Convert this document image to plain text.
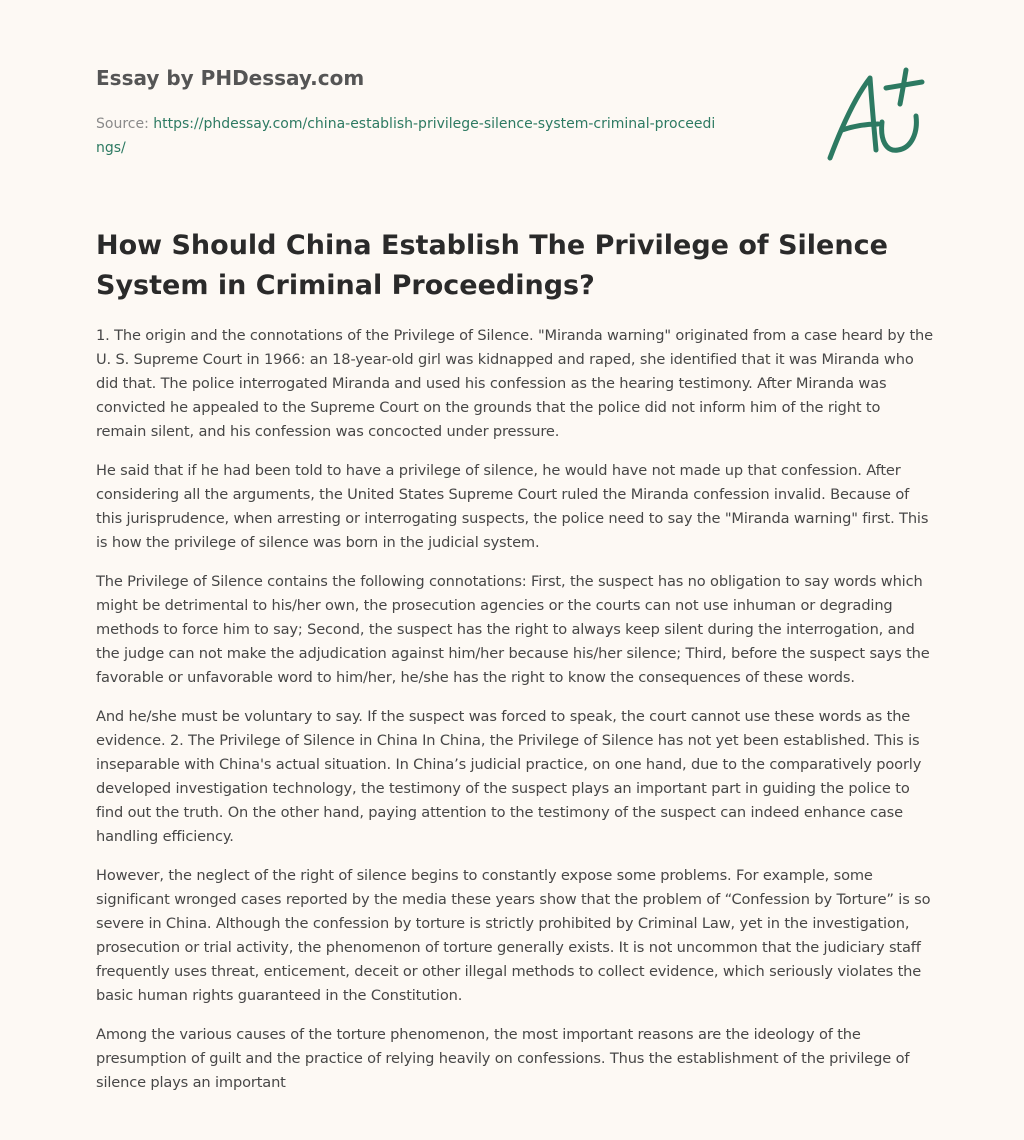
Essay by PHDessay.com
Source: https://phdessay.com/china-establish-privilege-silence-system-criminal-proceedings/
How Should China Establish The Privilege of Silence System in Criminal Proceedings?

1. The origin and the connotations of the Privilege of Silence. "Miranda warning" originated from a case heard by the U. S. Supreme Court in 1966: an 18-year-old girl was kidnapped and raped, she identified that it was Miranda who did that. The police interrogated Miranda and used his confession as the hearing testimony. After Miranda was convicted he appealed to the Supreme Court on the grounds that the police did not inform him of the right to remain silent, and his confession was concocted under pressure.

He said that if he had been told to have a privilege of silence, he would have not made up that confession. After considering all the arguments, the United States Supreme Court ruled the Miranda confession invalid. Because of this jurisprudence, when arresting or interrogating suspects, the police need to say the "Miranda warning" first. This is how the privilege of silence was born in the judicial system.

The Privilege of Silence contains the following connotations: First, the suspect has no obligation to say words which might be detrimental to his/her own, the prosecution agencies or the courts can not use inhuman or degrading methods to force him to say; Second, the suspect has the right to always keep silent during the interrogation, and the judge can not make the adjudication against him/her because his/her silence; Third, before the suspect says the favorable or unfavorable word to him/her, he/she has the right to know the consequences of these words.

And he/she must be voluntary to say. If the suspect was forced to speak, the court cannot use these words as the evidence. 2. The Privilege of Silence in China In China, the Privilege of Silence has not yet been established. This is inseparable with China's actual situation. In China’s judicial practice, on one hand, due to the comparatively poorly developed investigation technology, the testimony of the suspect plays an important part in guiding the police to find out the truth. On the other hand, paying attention to the testimony of the suspect can indeed enhance case handling efficiency.

However, the neglect of the right of silence begins to constantly expose some problems. For example, some significant wronged cases reported by the media these years show that the problem of “Confession by Torture” is so severe in China. Although the confession by torture is strictly prohibited by Criminal Law, yet in the investigation, prosecution or trial activity, the phenomenon of torture generally exists. It is not uncommon that the judiciary staff frequently uses threat, enticement, deceit or other illegal methods to collect evidence, which seriously violates the basic human rights guaranteed in the Constitution.

Among the various causes of the torture phenomenon, the most important reasons are the ideology of the presumption of guilt and the practice of relying heavily on confessions. Thus the establishment of the privilege of silence plays an important
